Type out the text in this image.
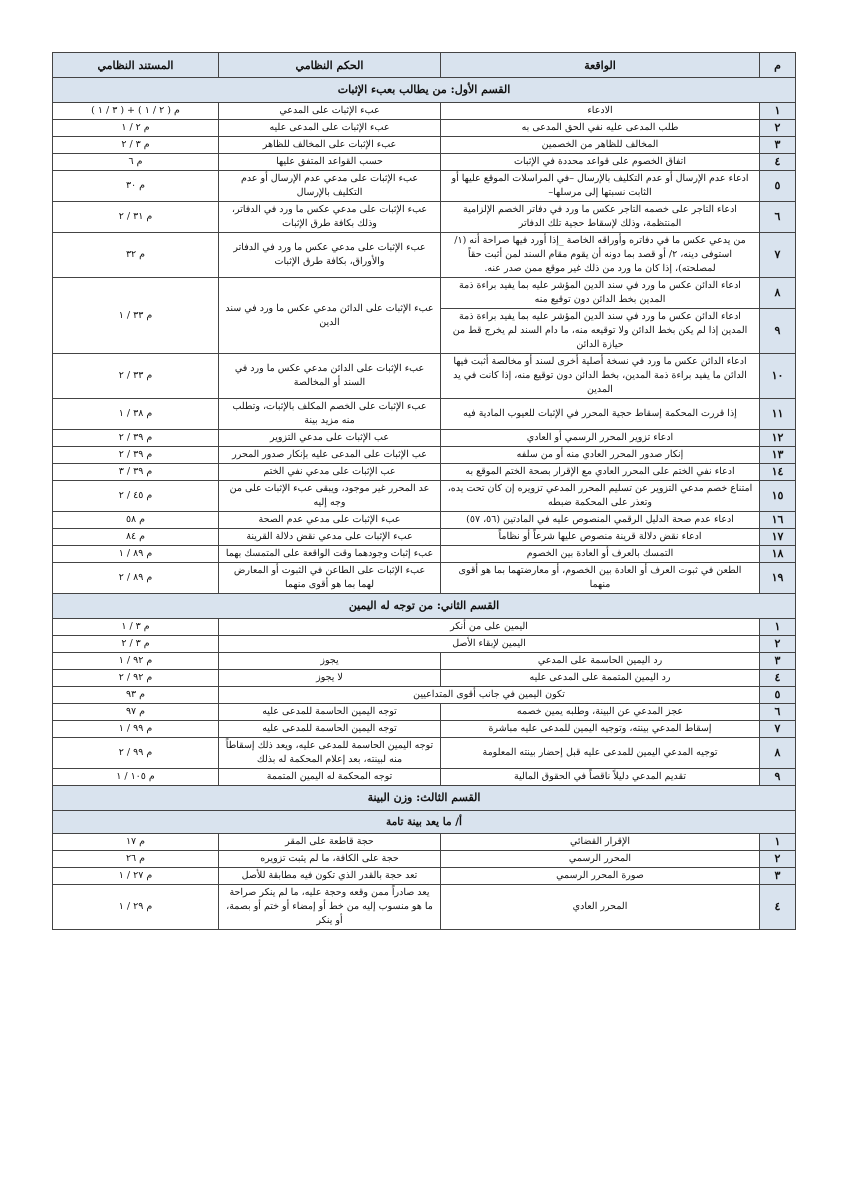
م	الواقعة	الحكم النظامي	المستند النظامي
القسم الأول: من يطالب بعبء الإثبات			
١	الادعاء	عبء الإثبات على المدعي	م ( ٢ / ١ ) + ( ٣ / ١ )
٢	طلب المدعى عليه نفي الحق المدعى به	عبء الإثبات على المدعى عليه	م ٢ / ١
٣	المخالف للظاهر من الخصمين	عبء الإثبات على المخالف للظاهر	م ٣ / ٢
٤	اتفاق الخصوم على قواعد محددة في الإثبات	حسب القواعد المتفق عليها	م ٦
٥	ادعاء عدم الإرسال أو عدم التكليف بالإرسال –في المراسلات الموقع عليها أو الثابت نسبتها إلى مرسلها–	عبء الإثبات على مدعي عدم الإرسال أو عدم التكليف بالإرسال	م ٣٠
٦	ادعاء التاجر على خصمه التاجر عكس ما ورد في دفاتر الخصم الإلزامية المنتظمة، وذلك لإسقاط حجية تلك الدفاتر	عبء الإثبات على مدعي عكس ما ورد في الدفاتر، وذلك بكافة طرق الإثبات	م ٣١ / ٢
٧	من يدعي عكس ما في دفاتره وأوراقه الخاصة _إذا أورد فيها صراحة أنه (١/ استوفى دينه، ٢/ أو قصد بما دونه أن يقوم مقام السند لمن أثبت حقاً لمصلحته)، إذا كان ما ورد من ذلك غير موقع ممن صدر عنه.	عبء الإثبات على مدعي عكس ما ورد في الدفاتر والأوراق، بكافة طرق الإثبات	م ٣٢
٨	ادعاء الدائن عكس ما ورد في سند الدين المؤشر عليه بما يفيد براءة ذمة المدين بخط الدائن دون توقيع منه	عبء الإثبات على الدائن مدعي عكس ما ورد في سند الدين	م ٣٣ / ١
٩	ادعاء الدائن عكس ما ورد في سند الدين المؤشر عليه بما يفيد براءة ذمة المدين إذا لم يكن بخط الدائن ولا توقيعه منه، ما دام السند لم يخرج قط من حيازة الدائن		
١٠	ادعاء الدائن عكس ما ورد في نسخة أصلية أخرى لسند أو مخالصة أثبت فيها الدائن ما يفيد براءة ذمة المدين، بخط الدائن دون توقيع منه، إذا كانت في يد المدين	عبء الإثبات على الدائن مدعي عكس ما ورد في السند أو المخالصة	م ٣٣ / ٢
١١	إذا قررت المحكمة إسقاط حجية المحرر في الإثبات للعيوب المادية فيه	عبء الإثبات على الخصم المكلف بالإثبات، وتطلب منه مزيد بينة	م ٣٨ / ١
١٢	ادعاء تزوير المحرر الرسمي أو العادي	عب الإثبات على مدعي التزوير	م ٣٩ / ٢
١٣	إنكار صدور المحرر العادي منه أو من سلفه	عب الإثبات على المدعى عليه بإنكار صدور المحرر	م ٣٩ / ٢
١٤	ادعاء نفي الختم على المحرر العادي مع الإقرار بصحة الختم الموقع به	عب الإثبات على مدعي نفي الختم	م ٣٩ / ٣
١٥	امتناع خصم مدعي التزوير عن تسليم المحرر المدعي تزويره إن كان تحت يده، وتعذر على المحكمة ضبطه	عد المحرر غير موجود، ويبقى عبء الإثبات على من وجه إليه	م ٤٥ / ٢
١٦	ادعاء عدم صحة الدليل الرقمي المنصوص عليه في المادتين (٥٦، ٥٧)	عبء الإثبات على مدعي عدم الصحة	م ٥٨
١٧	ادعاء نقض دلالة قرينة منصوص عليها شرعاً أو نظاماً	عبء الإثبات على مدعي نقض دلالة القرينة	م ٨٤
١٨	التمسك بالعرف أو العادة بين الخصوم	عبء إثبات وجودهما وقت الواقعة على المتمسك بهما	م ٨٩ / ١
١٩	الطعن في ثبوت العرف أو العادة بين الخصوم، أو معارضتهما بما هو أقوى منهما	عبء الإثبات على الطاعن في الثبوت أو المعارض لهما بما هو أقوى منهما	م ٨٩ / ٢
القسم الثاني: من توجه له اليمين			
١	اليمين على من أنكر		م ٣ / ١
٢	اليمين لإبقاء الأصل		م ٣ / ٢
٣	رد اليمين الحاسمة على المدعي	يجوز	م ٩٢ / ١
٤	رد اليمين المتممة على المدعى عليه	لا يجوز	م ٩٢ / ٢
٥	تكون اليمين في جانب أقوى المتداعيين		م ٩٣
٦	عجز المدعي عن البينة، وطلبه يمين خصمه	توجه اليمين الحاسمة للمدعى عليه	م ٩٧
٧	إسقاط المدعي بينته، وتوجيه اليمين للمدعى عليه مباشرة	توجه اليمين الحاسمة للمدعى عليه	م ٩٩ / ١
٨	توجيه المدعي اليمين للمدعى عليه قبل إحضار بينته المعلومة	توجه اليمين الحاسمة للمدعى عليه، ويعد ذلك إسقاطاً منه لبينته، بعد إعلام المحكمة له بذلك	م ٩٩ / ٢
٩	تقديم المدعي دليلاً ناقصاً في الحقوق المالية	توجه المحكمة له اليمين المتممة	م ١٠٥ / ١
القسم الثالث: وزن البينة			
أ/ ما يعد بينة تامة			
١	الإقرار القضائي	حجة قاطعة على المقر	م ١٧
٢	المحرر الرسمي	حجة على الكافة، ما لم يثبت تزويره	م ٢٦
٣	صورة المحرر الرسمي	تعد حجة بالقدر الذي تكون فيه مطابقة للأصل	م ٢٧ / ١
٤	المحرر العادي	يعد صادراً ممن وقعه وحجة عليه، ما لم ينكر صراحة ما هو منسوب إليه من خط أو إمضاء أو ختم أو بصمة، أو ينكر	م ٢٩ / ١
